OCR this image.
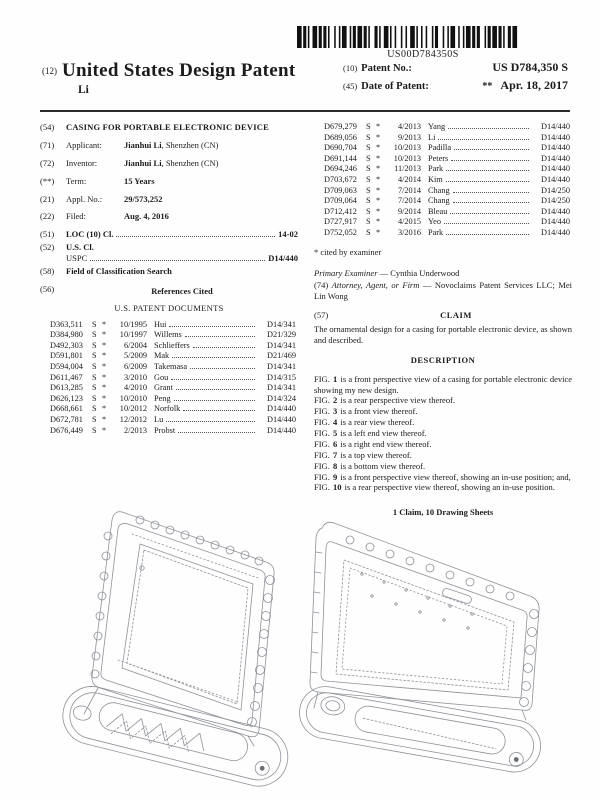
US00D784350S
(12) United States Design Patent
Li
(10) Patent No.:	US D784,350 S
(45) Date of Patent:	** Apr. 18, 2017
(54)	CASING FOR PORTABLE ELECTRONIC DEVICE
(71)	Applicant:	Jianhui Li, Shenzhen (CN)
(72)	Inventor:	Jianhui Li, Shenzhen (CN)
(**)	Term:	15 Years
(21)	Appl. No.:	29/573,252
(22)	Filed:	Aug. 4, 2016
(51)	LOC (10) Cl.	14-02
(52)	U.S. Cl.
USPC	D14/440
(58)	Field of Classification Search
(56)	References Cited
U.S. PATENT DOCUMENTS
D363,511	S *	10/1995 Hui	D14/341
D384,980	S *	10/1997 Willems	D21/329
D492,303	S *	6/2004 Schlieffers	D14/341
D591,801	S *	5/2009 Mak	D21/469
D594,004	S *	6/2009 Takemasa	D14/341
D611,467	S *	3/2010 Gou	D14/315
D613,285	S *	4/2010 Grant	D14/341
D626,123	S *	10/2010 Peng	D14/324
D668,661	S *	10/2012 Norfolk	D14/440
D672,781	S *	12/2012 Lu	D14/440
D676,449	S *	2/2013 Probst	D14/440
D679,279	S *	4/2013 Yang	D14/440
D689,056	S *	9/2013 Li	D14/440
D690,704	S *	10/2013 Padilla	D14/440
D691,144	S *	10/2013 Peters	D14/440
D694,246	S *	11/2013 Park	D14/440
D703,672	S *	4/2014 Kim	D14/440
D709,063	S *	7/2014 Chang	D14/250
D709,064	S *	7/2014 Chang	D14/250
D712,412	S *	9/2014 Bleau	D14/440
D727,917	S *	4/2015 Yeo	D14/440
D752,052	S *	3/2016 Park	D14/440
* cited by examiner
Primary Examiner — Cynthia Underwood
(74) Attorney, Agent, or Firm — Novoclaims Patent Services LLC; Mei Lin Wong
(57)	CLAIM
The ornamental design for a casing for portable electronic device, as shown and described.
DESCRIPTION

FIG. 1 is a front perspective view of a casing for portable electronic device showing my new design.

FIG. 2 is a rear perspective view thereof.

FIG. 3 is a front view thereof.

FIG. 4 is a rear view thereof.

FIG. 5 is a left end view thereof.

FIG. 6 is a right end view thereof.

FIG. 7 is a top view thereof.

FIG. 8 is a bottom view thereof.

FIG. 9 is a front perspective view thereof, showing an in-use position; and,

FIG. 10 is a rear perspective view thereof, showing an in-use position.

1 Claim, 10 Drawing Sheets
